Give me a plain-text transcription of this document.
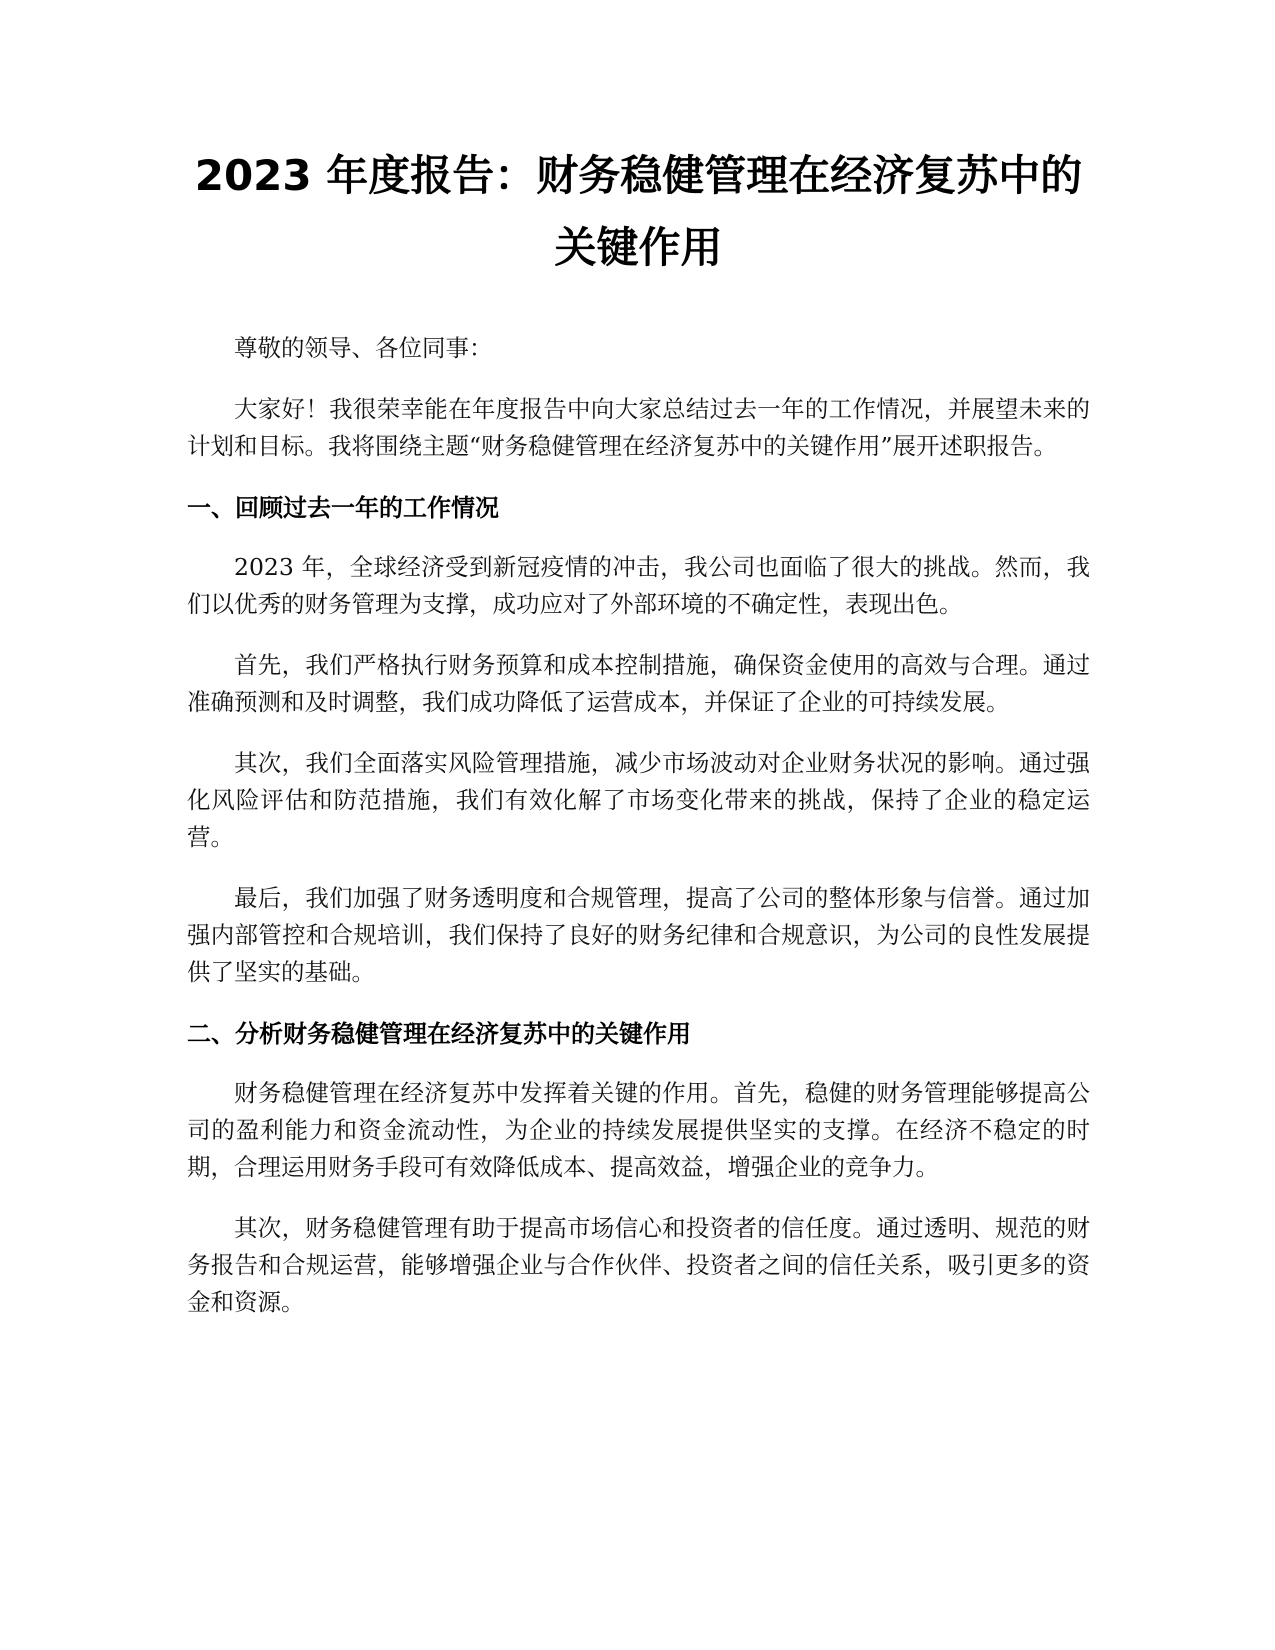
2023 年度报告：财务稳健管理在经济复苏中的关键作用

尊敬的领导、各位同事：

大家好！我很荣幸能在年度报告中向大家总结过去一年的工作情况，并展望未来的计划和目标。我将围绕主题“财务稳健管理在经济复苏中的关键作用”展开述职报告。

一、回顾过去一年的工作情况

2023 年，全球经济受到新冠疫情的冲击，我公司也面临了很大的挑战。然而，我们以优秀的财务管理为支撑，成功应对了外部环境的不确定性，表现出色。

首先，我们严格执行财务预算和成本控制措施，确保资金使用的高效与合理。通过准确预测和及时调整，我们成功降低了运营成本，并保证了企业的可持续发展。

其次，我们全面落实风险管理措施，减少市场波动对企业财务状况的影响。通过强化风险评估和防范措施，我们有效化解了市场变化带来的挑战，保持了企业的稳定运营。

最后，我们加强了财务透明度和合规管理，提高了公司的整体形象与信誉。通过加强内部管控和合规培训，我们保持了良好的财务纪律和合规意识，为公司的良性发展提供了坚实的基础。

二、分析财务稳健管理在经济复苏中的关键作用

财务稳健管理在经济复苏中发挥着关键的作用。首先，稳健的财务管理能够提高公司的盈利能力和资金流动性，为企业的持续发展提供坚实的支撑。在经济不稳定的时期，合理运用财务手段可有效降低成本、提高效益，增强企业的竞争力。

其次，财务稳健管理有助于提高市场信心和投资者的信任度。通过透明、规范的财务报告和合规运营，能够增强企业与合作伙伴、投资者之间的信任关系，吸引更多的资金和资源。
